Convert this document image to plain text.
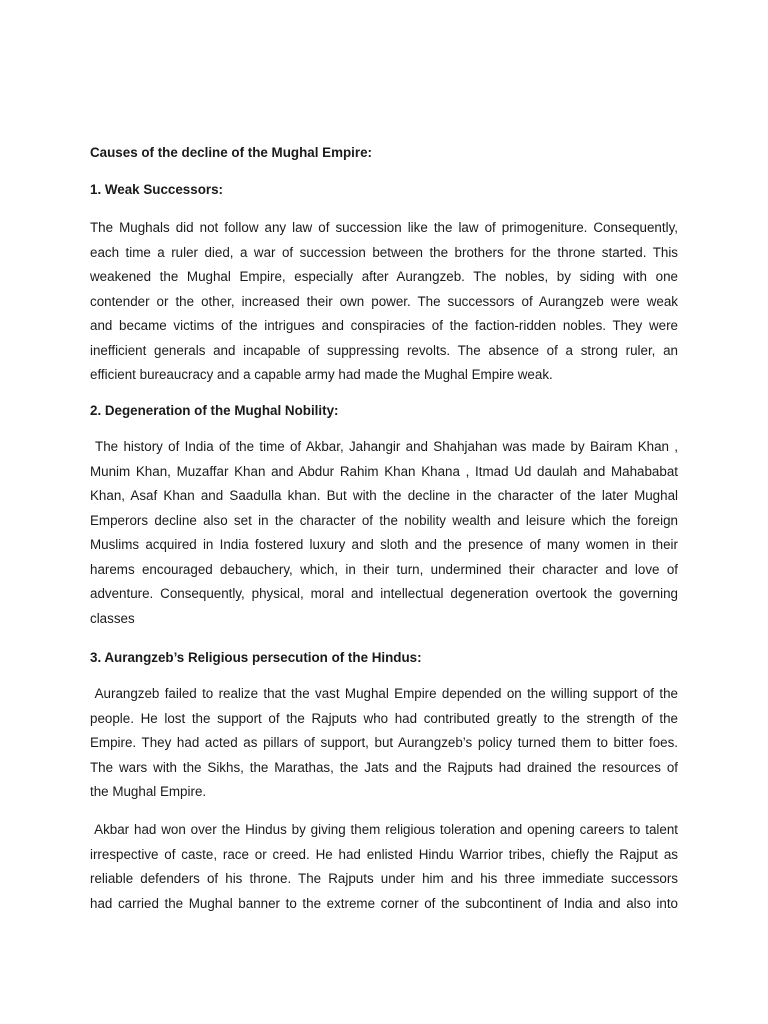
Causes of the decline of the Mughal Empire:
1. Weak Successors:

The Mughals did not follow any law of succession like the law of primogeniture. Consequently,
each time a ruler died, a war of succession between the brothers for the throne started. This
weakened the Mughal Empire, especially after Aurangzeb. The nobles, by siding with one
contender or the other, increased their own power. The successors of Aurangzeb were weak
and became victims of the intrigues and conspiracies of the faction-ridden nobles. They were
inefficient generals and incapable of suppressing revolts. The absence of a strong ruler, an
efficient bureaucracy and a capable army had made the Mughal Empire weak.

2. Degeneration of the Mughal Nobility:

The history of India of the time of Akbar, Jahangir and Shahjahan was made by Bairam Khan ,
Munim Khan, Muzaffar Khan and Abdur Rahim Khan Khana , Itmad Ud daulah and Mahababat
Khan, Asaf Khan and Saadulla khan. But with the decline in the character of the later Mughal
Emperors decline also set in the character of the nobility wealth and leisure which the foreign
Muslims acquired in India fostered luxury and sloth and the presence of many women in their
harems encouraged debauchery, which, in their turn, undermined their character and love of
adventure. Consequently, physical, moral and intellectual degeneration overtook the governing
classes

3. Aurangzeb’s Religious persecution of the Hindus:

Aurangzeb failed to realize that the vast Mughal Empire depended on the willing support of the
people. He lost the support of the Rajputs who had contributed greatly to the strength of the
Empire. They had acted as pillars of support, but Aurangzeb’s policy turned them to bitter foes.
The wars with the Sikhs, the Marathas, the Jats and the Rajputs had drained the resources of
the Mughal Empire.

Akbar had won over the Hindus by giving them religious toleration and opening careers to talent
irrespective of caste, race or creed. He had enlisted Hindu Warrior tribes, chiefly the Rajput as
reliable defenders of his throne. The Rajputs under him and his three immediate successors
had carried the Mughal banner to the extreme corner of the subcontinent of India and also into
